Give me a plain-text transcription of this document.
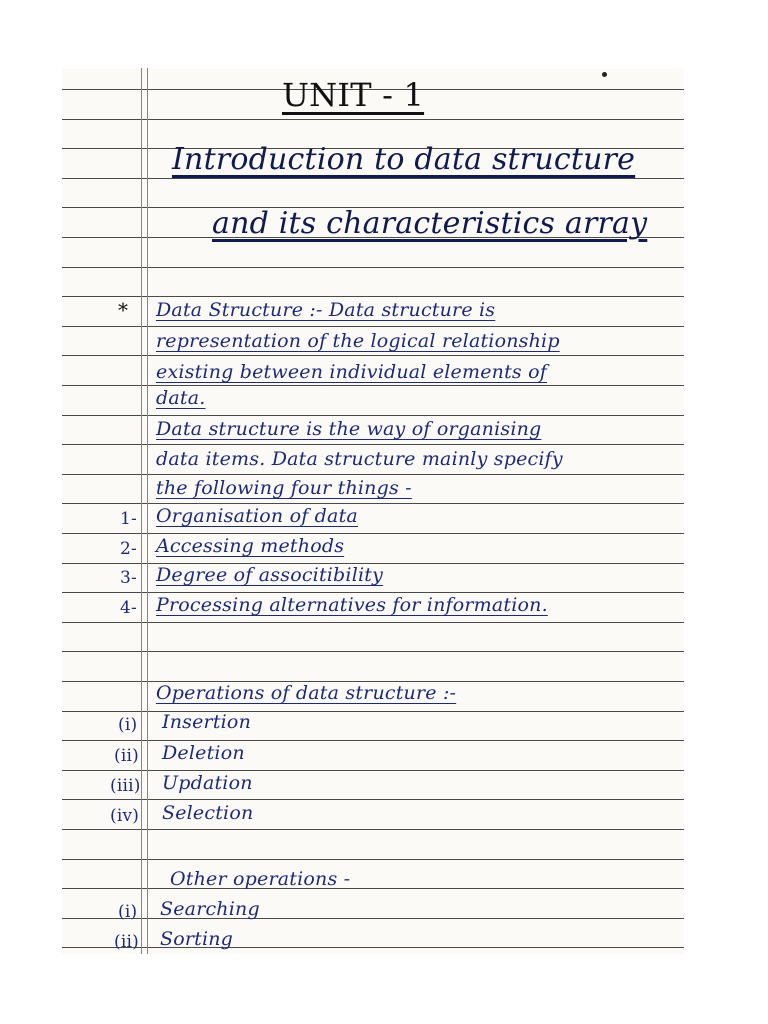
UNIT - 1
Introduction to data structure
and its characteristics array
* Data Structure :- Data structure is
representation of the logical relationship
existing between individual elements of
data.
Data structure is the way of organising
data items. Data structure mainly specify
the following four things -
1- Organisation of data
2- Accessing methods
3- Degree of associtibility
4- Processing alternatives for information.
Operations of data structure :-
(i) Insertion
(ii) Deletion
(iii) Updation
(iv) Selection
Other operations -
(i) Searching
(ii) Sorting
